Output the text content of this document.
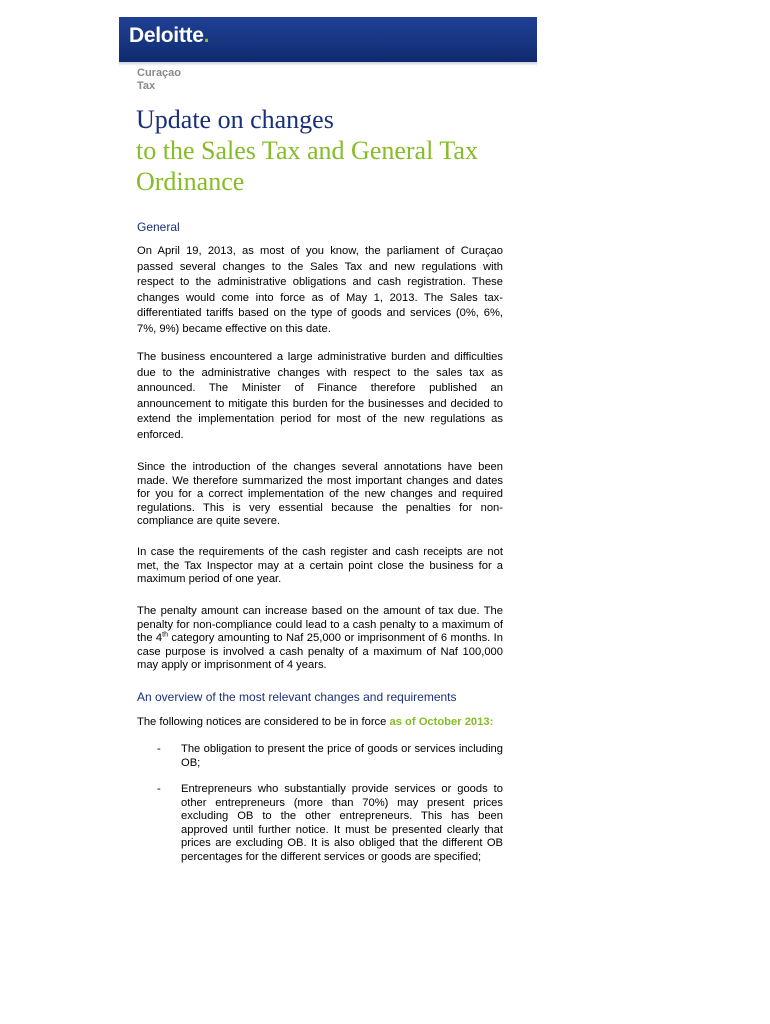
Deloitte.
Curaçao
Tax
Update on changes
to the Sales Tax and General Tax
Ordinance
General
On April 19, 2013, as most of you know, the parliament of Curaçao passed several changes to the Sales Tax and new regulations with respect to the administrative obligations and cash registration. These changes would come into force as of May 1, 2013. The Sales tax-differentiated tariffs based on the type of goods and services (0%, 6%, 7%, 9%) became effective on this date.
The business encountered a large administrative burden and difficulties due to the administrative changes with respect to the sales tax as announced. The Minister of Finance therefore published an announcement to mitigate this burden for the businesses and decided to extend the implementation period for most of the new regulations as enforced.
Since the introduction of the changes several annotations have been made. We therefore summarized the most important changes and dates for you for a correct implementation of the new changes and required regulations. This is very essential because the penalties for non-compliance are quite severe.
In case the requirements of the cash register and cash receipts are not met, the Tax Inspector may at a certain point close the business for a maximum period of one year.
The penalty amount can increase based on the amount of tax due. The penalty for non-compliance could lead to a cash penalty to a maximum of the 4th category amounting to Naf 25,000 or imprisonment of 6 months. In case purpose is involved a cash penalty of a maximum of Naf 100,000 may apply or imprisonment of 4 years.
An overview of the most relevant changes and requirements
The following notices are considered to be in force as of October 2013:
- The obligation to present the price of goods or services including OB;
- Entrepreneurs who substantially provide services or goods to other entrepreneurs (more than 70%) may present prices excluding OB to the other entrepreneurs. This has been approved until further notice. It must be presented clearly that prices are excluding OB. It is also obliged that the different OB percentages for the different services or goods are specified;
